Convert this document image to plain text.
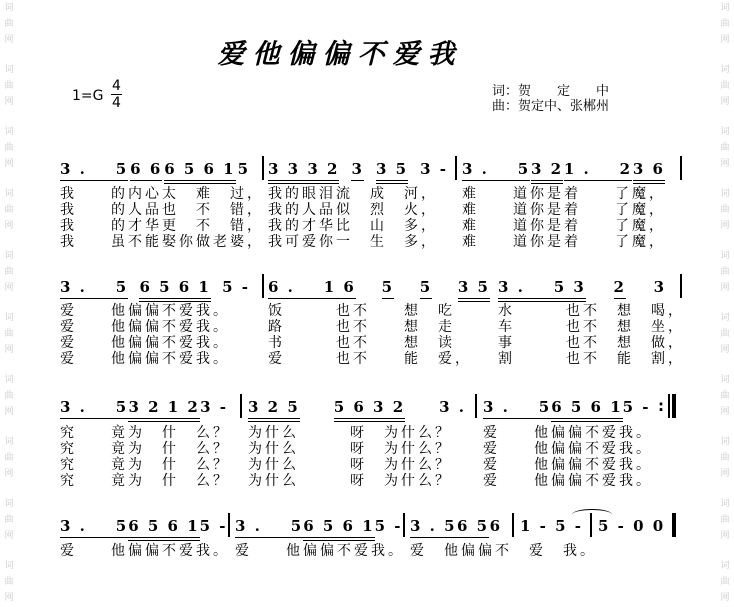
爱他偏偏不爱我
$1=G \frac{4}{4}$	词：贺　　定　　中
曲：贺定中、张郴州
3 .    5 6 6 6 5 6 1 5
我　　的内心太　难　过，
我　　的人品也　不　错，
我　　的才华更　不　错，
我　　虽不能娶你做老婆，
3 3 3 2 3 3 5 3 -
我的眼泪流　成　河，
我的人品似　烈　火，
我的才华比　山　多，
我可爱你一　生　多，
3 .    5 3 2 1 .    2 3 6
难　　道你是着　　了魔，
难　　道你是着　　了魔，
难　　道你是着　　了魔，
难　　道你是着　　了魔，
3 .    5 6 5 6 1 5 -
爱　　他偏偏不爱我。
爱　　他偏偏不爱我。
爱　　他偏偏不爱我。
爱　　他偏偏不爱我。
6 .    1 6 5 5 3 5
饭　　　也不　　想　吃
路　　　也不　　想　走
书　　　也不　　想　读
爱　　　也不　　能　爱，
3 .    5 3 2 3
水　　　也不　想　喝，
车　　　也不　想　坐，
事　　　也不　想　做，
割　　　也不　能　割，
3 .    5 3 2 1 2 3 -
究　　竟为　什　么？
究　　竟为　什　么？
究　　竟为　什　么？
究　　竟为　什　么？
3 2 5 5 6 3 2 3 .
为什么　　　呀　为什么？
为什么　　　呀　为什么？
为什么　　　呀　为什么？
为什么　　　呀　为什么？
3 .    5 6 5 6 1 5 -
爱　　他偏偏不爱我。
爱　　他偏偏不爱我。
爱　　他偏偏不爱我。
爱　　他偏偏不爱我。
:
3 .    5 6 5 6 1 5 -
爱　　他偏偏不爱我。
3 .    5 6 5 6 1 5 -
爱　　他偏偏不爱我。
3 . 5 6 5 6
爱　他偏偏不　爱　我。
1 - 5 - 5 - 0 0
词
曲
网
词
曲
网
词
曲
网
词
曲
网
词
曲
网
词
曲
网
词
曲
网
词
曲
网
词
曲
网
词
曲
网
词
曲
网
词
曲
网
词
曲
网
词
曲
网
词
曲
网
词
曲
网
词
曲
网
词
曲
网
词
曲
网
词
曲
网
